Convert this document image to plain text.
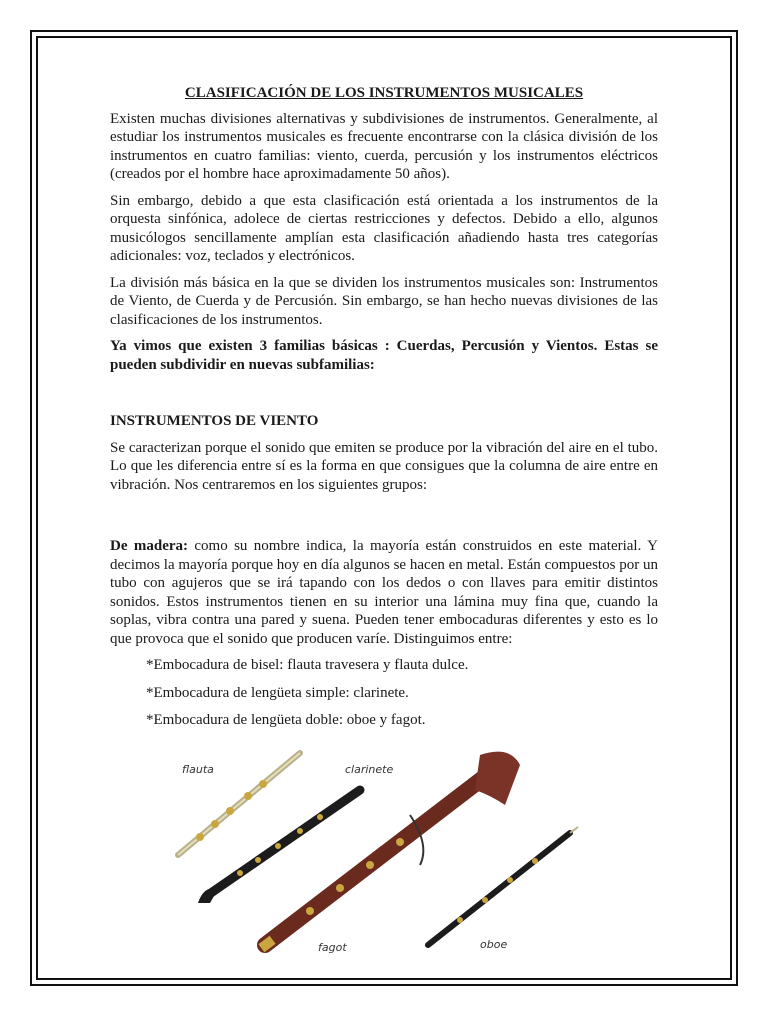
CLASIFICACIÓN DE LOS INSTRUMENTOS MUSICALES

Existen muchas divisiones alternativas y subdivisiones de instrumentos. Generalmente, al estudiar los instrumentos musicales es frecuente encontrarse con la clásica división de los instrumentos en cuatro familias: viento, cuerda, percusión y los instrumentos eléctricos (creados por el hombre hace aproximadamente 50 años).

Sin embargo, debido a que esta clasificación está orientada a los instrumentos de la orquesta sinfónica, adolece de ciertas restricciones y defectos. Debido a ello, algunos musicólogos sencillamente amplían esta clasificación añadiendo hasta tres categorías adicionales: voz, teclados y electrónicos.

La división más básica en la que se dividen los instrumentos musicales son: Instrumentos de Viento, de Cuerda y de Percusión. Sin embargo, se han hecho nuevas divisiones de las clasificaciones de los instrumentos.

Ya vimos que existen 3 familias básicas : Cuerdas, Percusión y Vientos. Estas se pueden subdividir en nuevas subfamilias:

INSTRUMENTOS DE VIENTO

Se caracterizan porque el sonido que emiten se produce por la vibración del aire en el tubo. Lo que les diferencia entre sí es la forma en que consigues que la columna de aire entre en vibración. Nos centraremos en los siguientes grupos:

De madera: como su nombre indica, la mayoría están construidos en este material. Y decimos la mayoría porque hoy en día algunos se hacen en metal. Están compuestos por un tubo con agujeros que se irá tapando con los dedos o con llaves para emitir distintos sonidos. Estos instrumentos tienen en su interior una lámina muy fina que, cuando la soplas, vibra contra una pared y suena. Pueden tener embocaduras diferentes y esto es lo que provoca que el sonido que producen varíe. Distinguimos entre:

*Embocadura de bisel: flauta travesera y flauta dulce.
*Embocadura de lengüeta simple: clarinete.
*Embocadura de lengüeta doble: oboe y fagot.
flauta	clarinete
fagot	oboe
